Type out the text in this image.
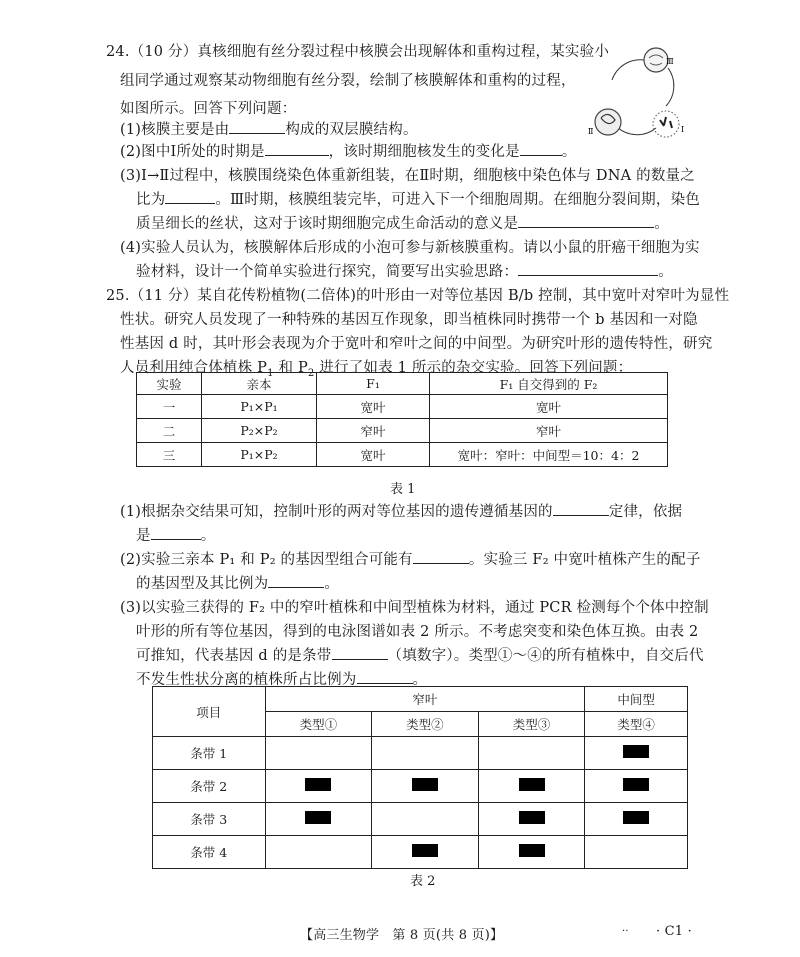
24.（10 分）真核细胞有丝分裂过程中核膜会出现解体和重构过程，某实验小
组同学通过观察某动物细胞有丝分裂，绘制了核膜解体和重构的过程，
如图所示。回答下列问题：
(1)核膜主要是由	构成的双层膜结构。
(2)图中Ⅰ所处的时期是	，该时期细胞核发生的变化是	。
(3)Ⅰ→Ⅱ过程中，核膜围绕染色体重新组装，在Ⅱ时期，细胞核中染色体与 DNA 的数量之
比为	。Ⅲ时期，核膜组装完毕，可进入下一个细胞周期。在细胞分裂间期，染色
质呈细长的丝状，这对于该时期细胞完成生命活动的意义是	。
(4)实验人员认为，核膜解体后形成的小泡可参与新核膜重构。请以小鼠的肝癌干细胞为实
验材料，设计一个简单实验进行探究，简要写出实验思路：	。
Ⅲ
Ⅱ	Ⅰ
25.（11 分）某自花传粉植物(二倍体)的叶形由一对等位基因 B/b 控制，其中宽叶对窄叶为显性
性状。研究人员发现了一种特殊的基因互作现象，即当植株同时携带一个 b 基因和一对隐
性基因 d 时，其叶形会表现为介于宽叶和窄叶之间的中间型。为研究叶形的遗传特性，研究
人员利用纯合体植株 $P_1$ 和 $P_2$ 进行了如表 1 所示的杂交实验。回答下列问题：
实验	亲本	F₁	F₁ 自交得到的 F₂
一	P₁×P₁	宽叶	宽叶
二	P₂×P₂	窄叶	窄叶
三	P₁×P₂	宽叶	宽叶：窄叶：中间型＝10：4：2
表 1
(1)根据杂交结果可知，控制叶形的两对等位基因的遗传遵循基因的	定律，依据
是	。
(2)实验三亲本 P₁ 和 P₂ 的基因型组合可能有	。实验三 F₂ 中宽叶植株产生的配子
的基因型及其比例为	。
(3)以实验三获得的 F₂ 中的窄叶植株和中间型植株为材料，通过 PCR 检测每个个体中控制
叶形的所有等位基因，得到的电泳图谱如表 2 所示。不考虑突变和染色体互换。由表 2
可推知，代表基因 d 的是条带	（填数字）。类型①～④的所有植株中，自交后代
不发生性状分离的植株所占比例为	。
项目	窄叶			中间型
	类型①	类型②	类型③	类型④
条带 1				
条带 2				
条带 3				
条带 4				
表 2
【高三生物学　第 8 页(共 8 页)】	·· · C1 ·
